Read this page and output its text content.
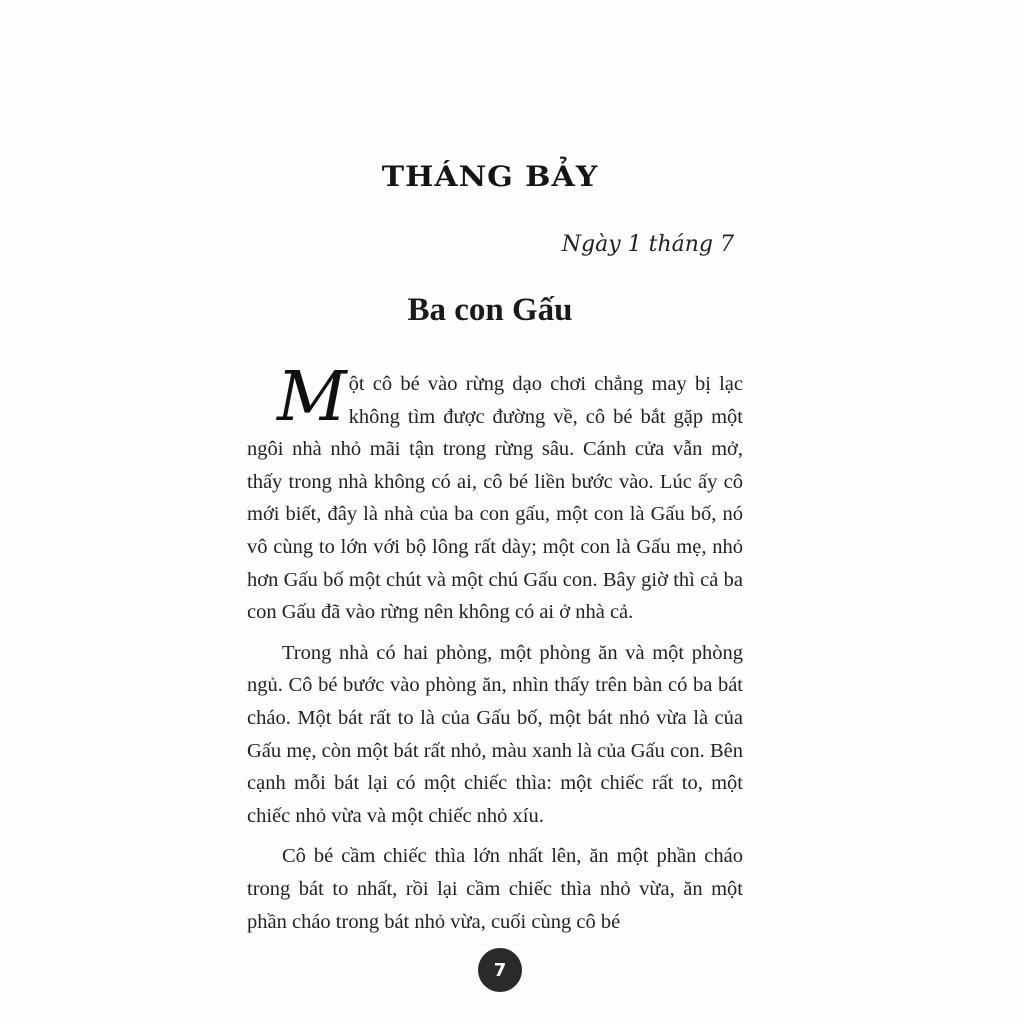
THÁNG BẢY
Ngày 1 tháng 7
Ba con Gấu

Một cô bé vào rừng dạo chơi chẳng may bị lạc không tìm được đường về, cô bé bắt gặp một ngôi nhà nhỏ mãi tận trong rừng sâu. Cánh cửa vẫn mở, thấy trong nhà không có ai, cô bé liền bước vào. Lúc ấy cô mới biết, đây là nhà của ba con gấu, một con là Gấu bố, nó vô cùng to lớn với bộ lông rất dày; một con là Gấu mẹ, nhỏ hơn Gấu bố một chút và một chú Gấu con. Bây giờ thì cả ba con Gấu đã vào rừng nên không có ai ở nhà cả.

Trong nhà có hai phòng, một phòng ăn và một phòng ngủ. Cô bé bước vào phòng ăn, nhìn thấy trên bàn có ba bát cháo. Một bát rất to là của Gấu bố, một bát nhỏ vừa là của Gấu mẹ, còn một bát rất nhỏ, màu xanh là của Gấu con. Bên cạnh mỗi bát lại có một chiếc thìa: một chiếc rất to, một chiếc nhỏ vừa và một chiếc nhỏ xíu.

Cô bé cầm chiếc thìa lớn nhất lên, ăn một phần cháo trong bát to nhất, rồi lại cầm chiếc thìa nhỏ vừa, ăn một phần cháo trong bát nhỏ vừa, cuối cùng cô bé

7
